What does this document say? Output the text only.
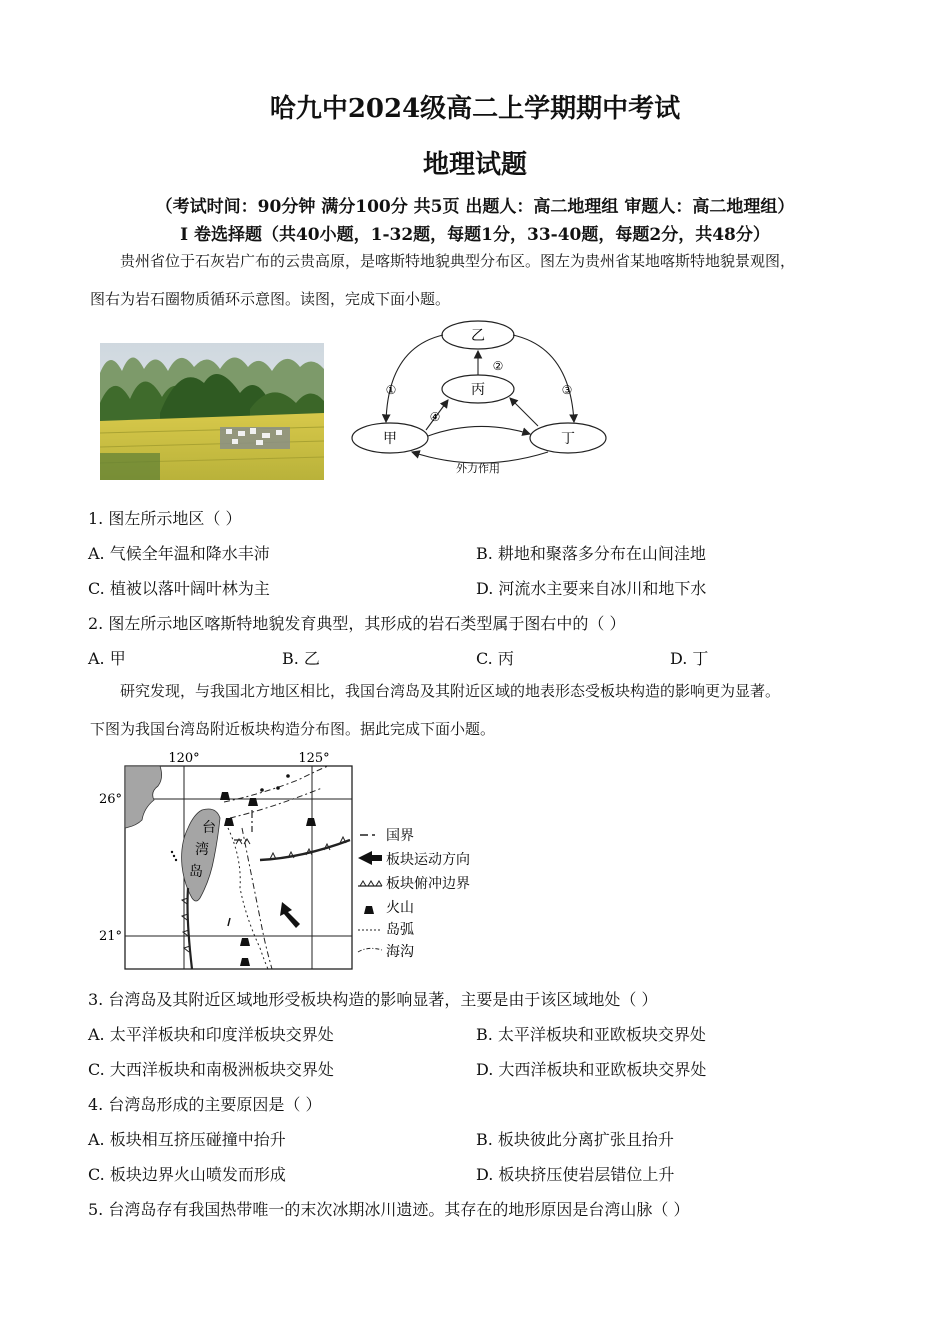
哈九中2024级高二上学期期中考试
地理试题
（考试时间：90分钟 满分100分 共5页 出题人：高二地理组 审题人：高二地理组）
Ⅰ 卷选择题（共40小题，1-32题，每题1分，33-40题，每题2分，共48分）
贵州省位于石灰岩广布的云贵高原，是喀斯特地貌典型分布区。图左为贵州省某地喀斯特地貌景观图，
图右为岩石圈物质循环示意图。读图，完成下面小题。
乙
丙
甲	丁
①
②
③
④
外力作用
1. 图左所示地区（ ）
A. 气候全年温和降水丰沛	B. 耕地和聚落多分布在山间洼地
C. 植被以落叶阔叶林为主	D. 河流水主要来自冰川和地下水
2. 图左所示地区喀斯特地貌发育典型，其形成的岩石类型属于图右中的（ ）
A. 甲	B. 乙	C. 丙	D. 丁
研究发现，与我国北方地区相比，我国台湾岛及其附近区域的地表形态受板块构造的影响更为显著。
下图为我国台湾岛附近板块构造分布图。据此完成下面小题。
台
湾
岛
120°	125°
26°
21°
国界
板块运动方向
板块俯冲边界
火山
岛弧
海沟
3. 台湾岛及其附近区域地形受板块构造的影响显著，主要是由于该区域地处（ ）
A. 太平洋板块和印度洋板块交界处	B. 太平洋板块和亚欧板块交界处
C. 大西洋板块和南极洲板块交界处	D. 大西洋板块和亚欧板块交界处
4. 台湾岛形成的主要原因是（ ）
A. 板块相互挤压碰撞中抬升	B. 板块彼此分离扩张且抬升
C. 板块边界火山喷发而形成	D. 板块挤压使岩层错位上升
5. 台湾岛存有我国热带唯一的末次冰期冰川遗迹。其存在的地形原因是台湾山脉（ ）
